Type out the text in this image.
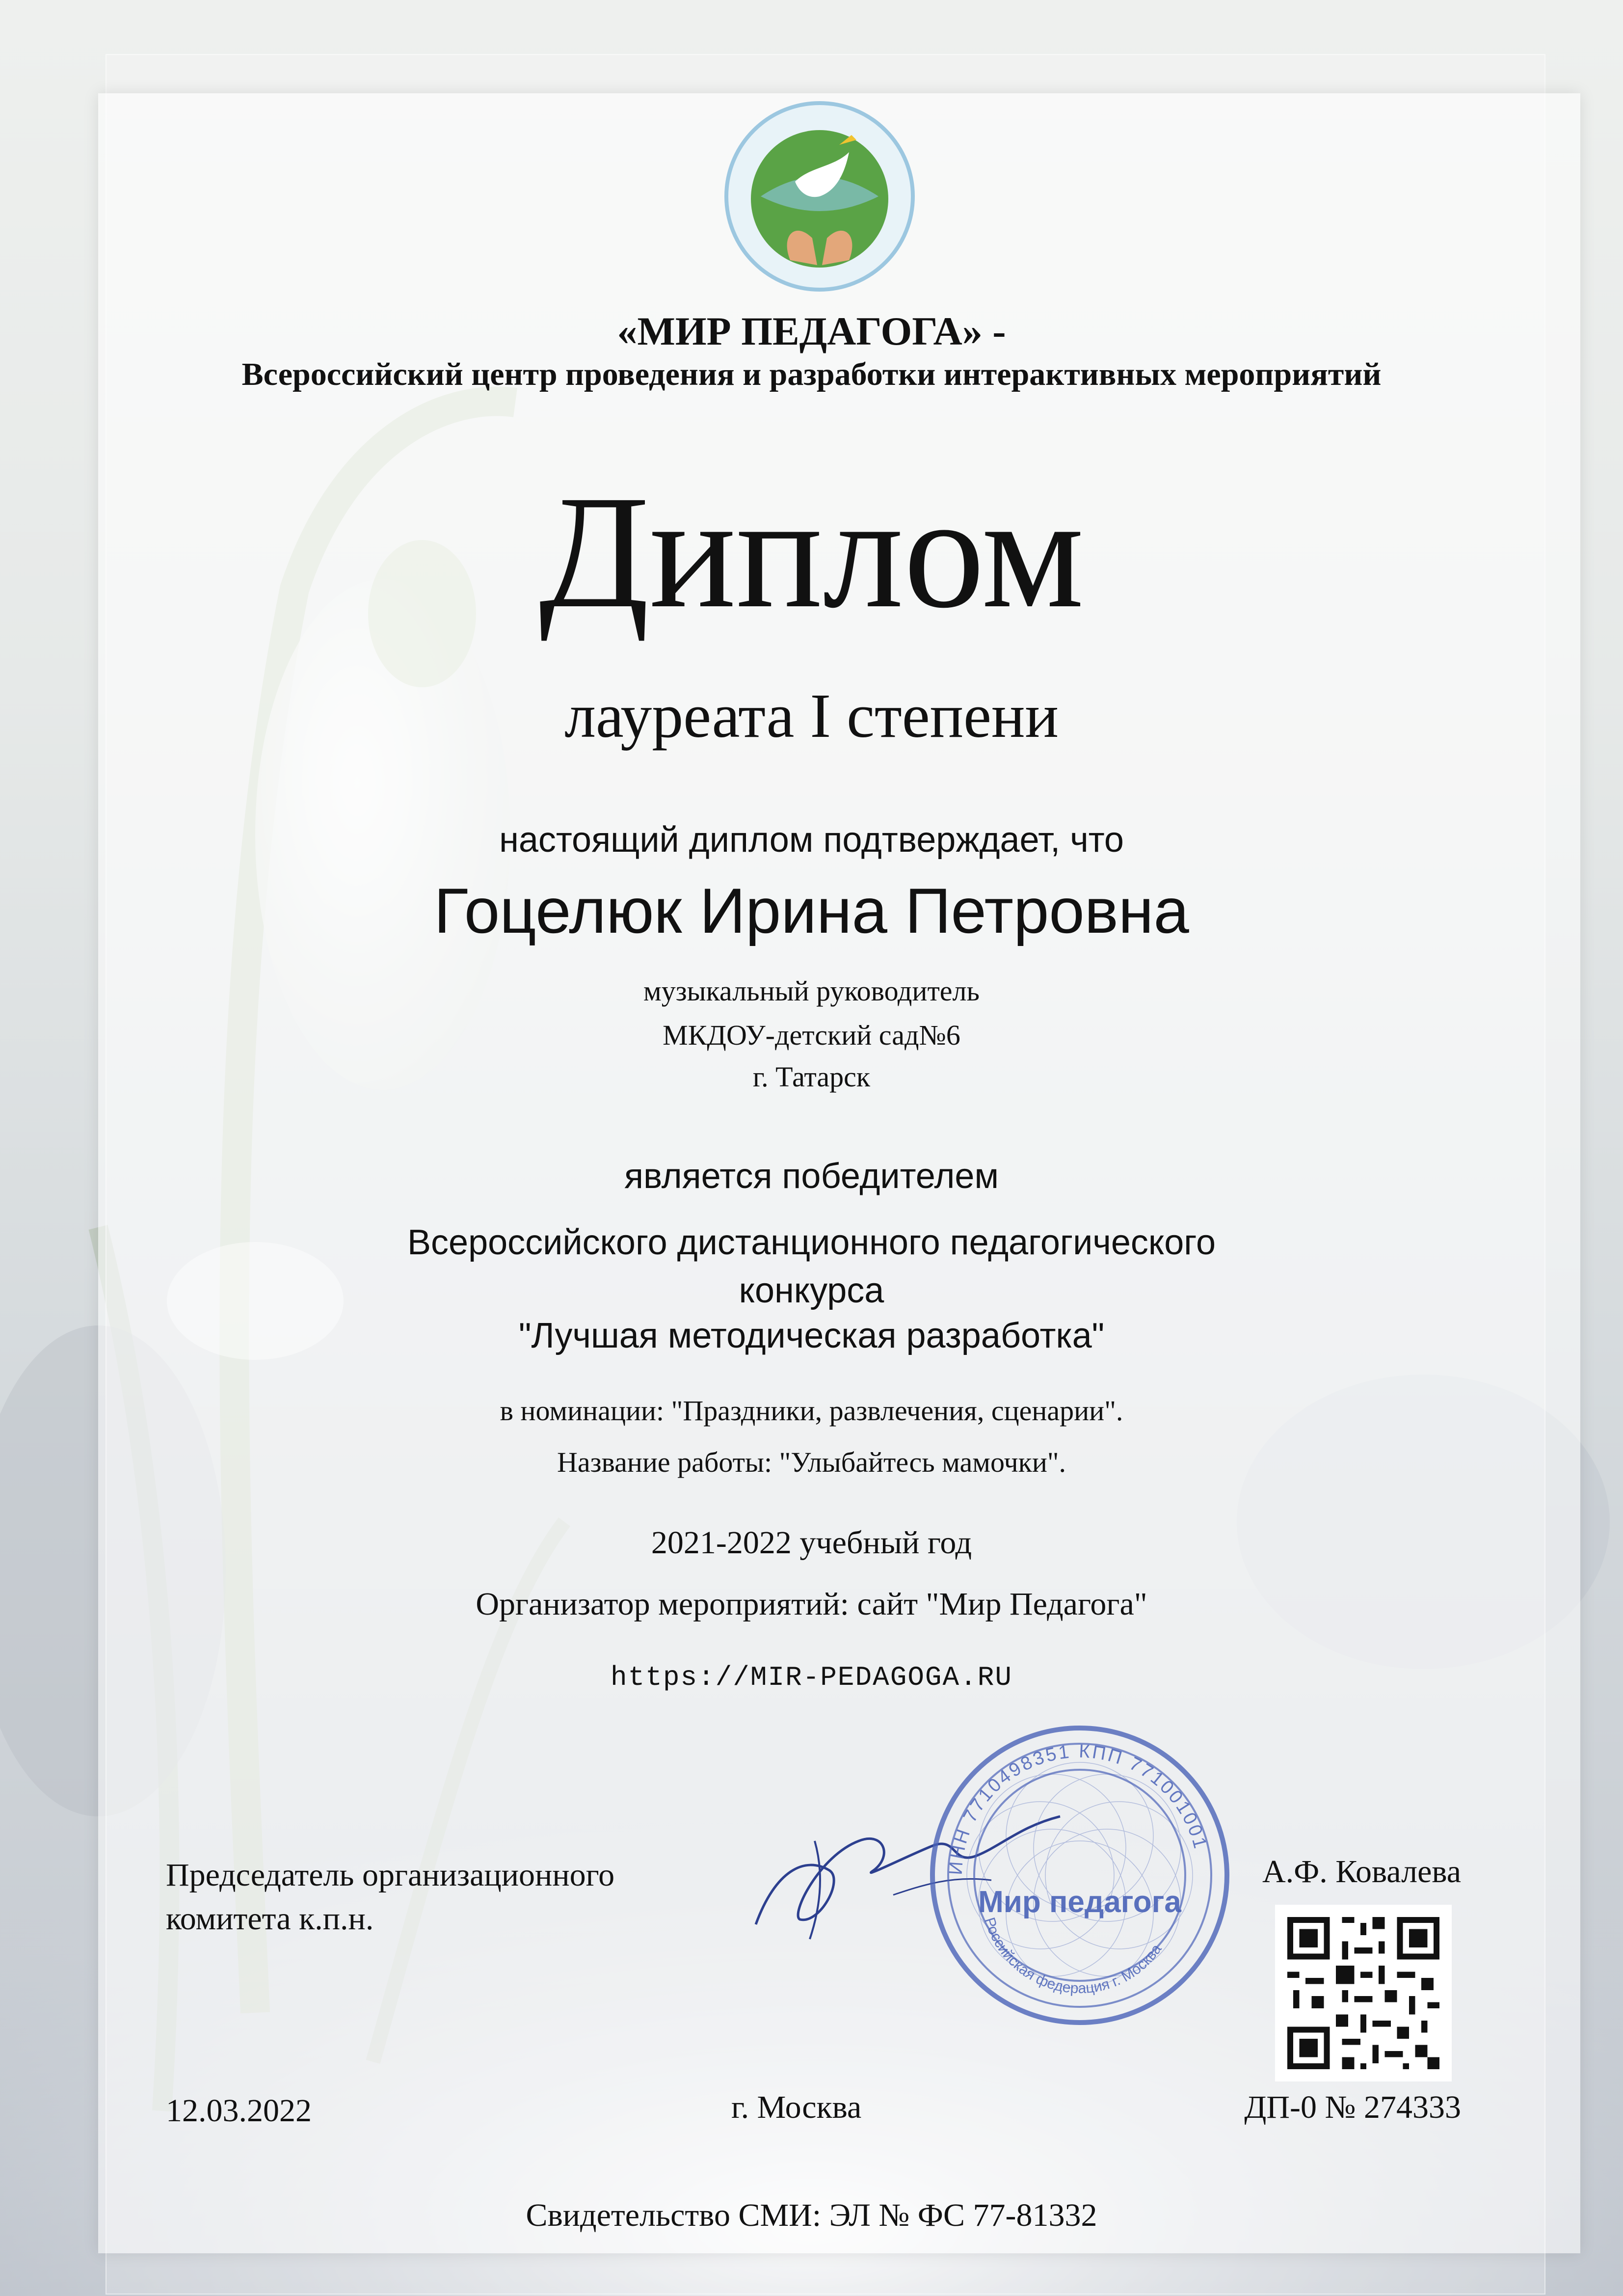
«МИР ПЕДАГОГА» -
Всероссийский центр проведения и разработки интерактивных мероприятий
Диплом
лауреата I степени
настоящий диплом подтверждает, что
Гоцелюк Ирина Петровна
музыкальный руководитель
МКДОУ-детский сад№6
г. Татарск
является победителем
Всероссийского дистанционного педагогического
конкурса
"Лучшая методическая разработка"
в номинации: "Праздники, развлечения, сценарии".
Название работы: "Улыбайтесь мамочки".
2021-2022 учебный год
Организатор мероприятий: сайт "Мир Педагога"
https://MIR-PEDAGOGA.RU
Председатель организационного
комитета к.п.н.
ИНН 7710498351 КПП 771001001
Российская федерация г. Москва
Мир педагога
А.Ф. Ковалева
12.03.2022	г. Москва	ДП-0 № 274333
Свидетельство СМИ: ЭЛ № ФС 77-81332
